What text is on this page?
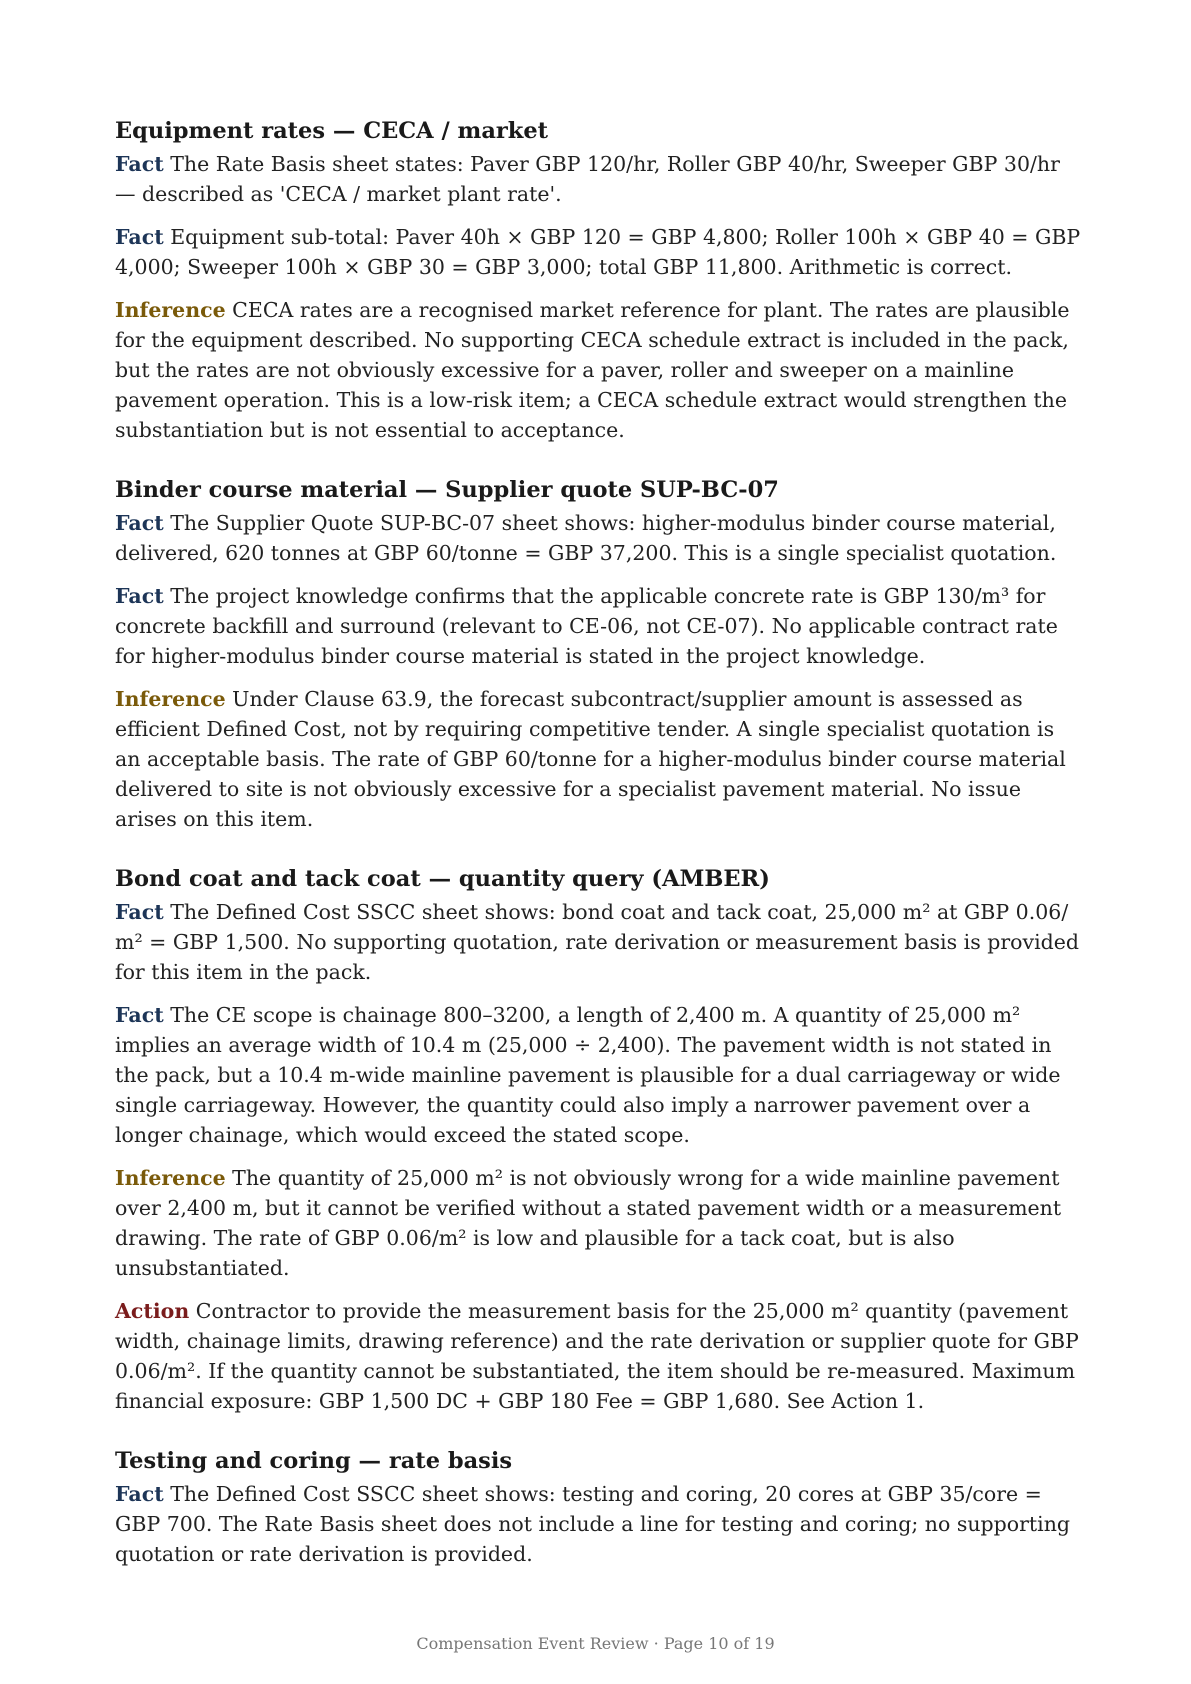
Equipment rates — CECA / market

Fact The Rate Basis sheet states: Paver GBP 120/hr, Roller GBP 40/hr, Sweeper GBP 30/hr — described as 'CECA / market plant rate'.

Fact Equipment sub-total: Paver 40h × GBP 120 = GBP 4,800; Roller 100h × GBP 40 = GBP 4,000; Sweeper 100h × GBP 30 = GBP 3,000; total GBP 11,800. Arithmetic is correct.

Inference CECA rates are a recognised market reference for plant. The rates are plausible for the equipment described. No supporting CECA schedule extract is included in the pack, but the rates are not obviously excessive for a paver, roller and sweeper on a mainline pavement operation. This is a low-risk item; a CECA schedule extract would strengthen the substantiation but is not essential to acceptance.

Binder course material — Supplier quote SUP-BC-07

Fact The Supplier Quote SUP-BC-07 sheet shows: higher-modulus binder course material, delivered, 620 tonnes at GBP 60/tonne = GBP 37,200. This is a single specialist quotation.

Fact The project knowledge confirms that the applicable concrete rate is GBP 130/m³ for concrete backfill and surround (relevant to CE-06, not CE-07). No applicable contract rate for higher-modulus binder course material is stated in the project knowledge.

Inference Under Clause 63.9, the forecast subcontract/supplier amount is assessed as efficient Defined Cost, not by requiring competitive tender. A single specialist quotation is an acceptable basis. The rate of GBP 60/tonne for a higher-modulus binder course material delivered to site is not obviously excessive for a specialist pavement material. No issue arises on this item.

Bond coat and tack coat — quantity query (AMBER)

Fact The Defined Cost SSCC sheet shows: bond coat and tack coat, 25,000 m² at GBP 0.06/ m² = GBP 1,500. No supporting quotation, rate derivation or measurement basis is provided for this item in the pack.

Fact The CE scope is chainage 800–3200, a length of 2,400 m. A quantity of 25,000 m² implies an average width of 10.4 m (25,000 ÷ 2,400). The pavement width is not stated in the pack, but a 10.4 m-wide mainline pavement is plausible for a dual carriageway or wide single carriageway. However, the quantity could also imply a narrower pavement over a longer chainage, which would exceed the stated scope.

Inference The quantity of 25,000 m² is not obviously wrong for a wide mainline pavement over 2,400 m, but it cannot be verified without a stated pavement width or a measurement drawing. The rate of GBP 0.06/m² is low and plausible for a tack coat, but is also unsubstantiated.

Action Contractor to provide the measurement basis for the 25,000 m² quantity (pavement width, chainage limits, drawing reference) and the rate derivation or supplier quote for GBP 0.06/m². If the quantity cannot be substantiated, the item should be re-measured. Maximum financial exposure: GBP 1,500 DC + GBP 180 Fee = GBP 1,680. See Action 1.

Testing and coring — rate basis

Fact The Defined Cost SSCC sheet shows: testing and coring, 20 cores at GBP 35/core = GBP 700. The Rate Basis sheet does not include a line for testing and coring; no supporting quotation or rate derivation is provided.

Compensation Event Review · Page 10 of 19
